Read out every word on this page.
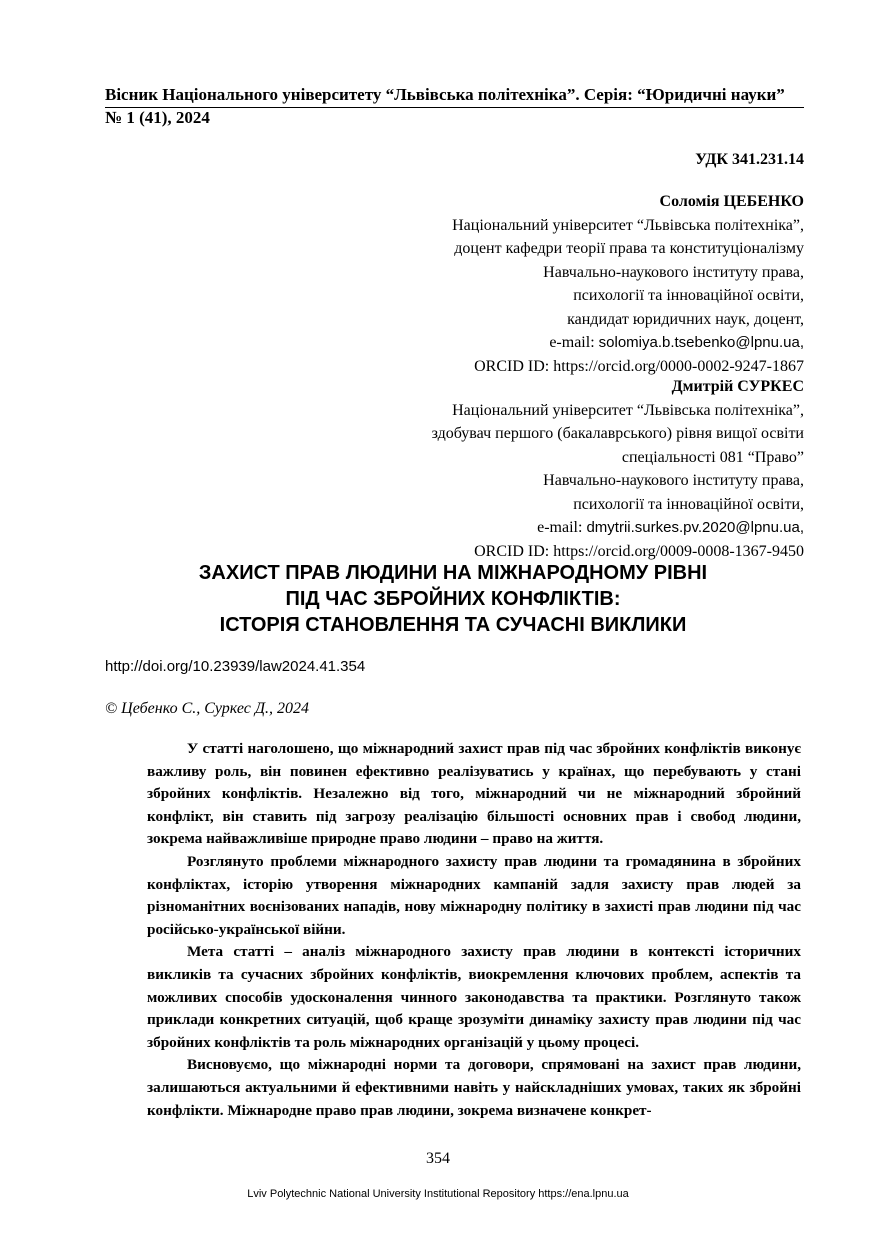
Вісник Національного університету “Львівська політехніка”. Серія: “Юридичні науки”
№ 1 (41), 2024
УДК 341.231.14
Соломія ЦЕБЕНКО
Національний університет “Львівська політехніка”,
доцент кафедри теорії права та конституціоналізму
Навчально-наукового інституту права,
психології та інноваційної освіти,
кандидат юридичних наук, доцент,
e-mail: solomiya.b.tsebenko@lpnu.ua,
ORCID ID: https://orcid.org/0000-0002-9247-1867
Дмитрій СУРКЕС
Національний університет “Львівська політехніка”,
здобувач першого (бакалаврського) рівня вищої освіти
спеціальності 081 “Право”
Навчально-наукового інституту права,
психології та інноваційної освіти,
e-mail: dmytrii.surkes.pv.2020@lpnu.ua,
ORCID ID: https://orcid.org/0009-0008-1367-9450
ЗАХИСТ ПРАВ ЛЮДИНИ НА МІЖНАРОДНОМУ РІВНІ
ПІД ЧАС ЗБРОЙНИХ КОНФЛІКТІВ:
ІСТОРІЯ СТАНОВЛЕННЯ ТА СУЧАСНІ ВИКЛИКИ
http://doi.org/10.23939/law2024.41.354
© Цебенко С., Суркес Д., 2024

У статті наголошено, що міжнародний захист прав під час збройних конфліктів виконує важливу роль, він повинен ефективно реалізуватись у країнах, що перебувають у стані збройних конфліктів. Незалежно від того, міжнародний чи не міжнародний збройний конфлікт, він ставить під загрозу реалізацію більшості основних прав і свобод людини, зокрема найважливіше природне право людини – право на життя.

Розглянуто проблеми міжнародного захисту прав людини та громадянина в збройних конфліктах, історію утворення міжнародних кампаній задля захисту прав людей за різноманітних воєнізованих нападів, нову міжнародну політику в захисті прав людини під час російсько-української війни.

Мета статті – аналіз міжнародного захисту прав людини в контексті історичних викликів та сучасних збройних конфліктів, виокремлення ключових проблем, аспектів та можливих способів удосконалення чинного законодавства та практики. Розглянуто також приклади конкретних ситуацій, щоб краще зрозуміти динаміку захисту прав людини під час збройних конфліктів та роль міжнародних організацій у цьому процесі.

Висновуємо, що міжнародні норми та договори, спрямовані на захист прав людини, залишаються актуальними й ефективними навіть у найскладніших умовах, таких як збройні конфлікти. Міжнародне право прав людини, зокрема визначене конкрет-

354
Lviv Polytechnic National University Institutional Repository https://ena.lpnu.ua
